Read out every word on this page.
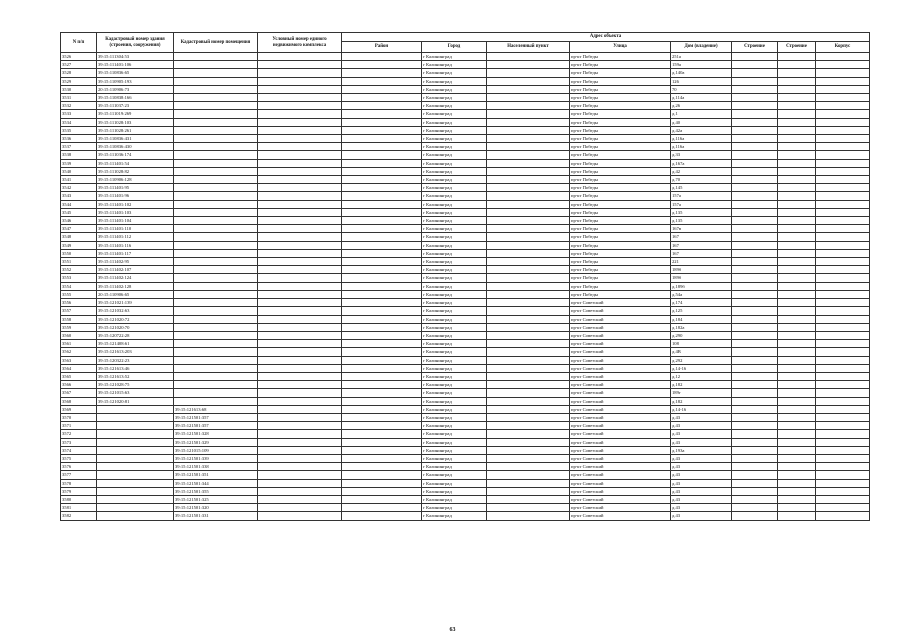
N п/п	Кадастровый номер здания (строения, сооружения)	Кадастровый номер помещения	Условный номер единого недвижимого комплекса	Адрес объекта							
				Район	Город	Населенный пункт	Улица	Дом (владение)	Строение	Строение	Корпус
3526	39:15:111304:53				г Калининград		пр-кт Победы	251а			
3527	39:15:111401:106				г Калининград		пр-кт Победы	159а			
3528	39:15:110836:65				г Калининград		пр-кт Победы	д.140а			
3529	39:15:110905:193				г Калининград		пр-кт Победы	126			
3530	20:15:110906:73				г Калининград		пр-кт Победы	70			
3531	39:15:110838:166				г Калининград		пр-кт Победы	д.114а			
3532	39:15:111037:23				г Калининград		пр-кт Победы	д.26			
3533	39:15:111019:269				г Калининград		пр-кт Победы	д.1			
3534	39:15:111028:103				г Калининград		пр-кт Победы	д.40			
3535	39:15:111028:261				г Калининград		пр-кт Победы	д.42а			
3536	39:15:110836:431				г Калининград		пр-кт Победы	д.116а			
3537	39:15:110836:430				г Калининград		пр-кт Победы	д.116а			
3538	39:15:111036:174				г Калининград		пр-кт Победы	д.33			
3539	39:15:111401:54				г Калининград		пр-кт Победы	д.167а			
3540	39:15:111028:82				г Калининград		пр-кт Победы	д.42			
3541	39:15:110906:128				г Калининград		пр-кт Победы	д.70			
3542	39:15:111401:95				г Калининград		пр-кт Победы	д.145			
3543	39:15:111401:96				г Калининград		пр-кт Победы	157а			
3544	39:15:111401:102				г Калининград		пр-кт Победы	157а			
3545	39:15:111401:103				г Калининград		пр-кт Победы	д.135			
3546	39:15:111401:104				г Калининград		пр-кт Победы	д.135			
3547	39:15:111401:110				г Калининград		пр-кт Победы	167в			
3548	39:15:111401:112				г Калининград		пр-кт Победы	167			
3549	39:15:111401:116				г Калининград		пр-кт Победы	167			
3550	39:15:111401:117				г Калининград		пр-кт Победы	167			
3551	39:15:111402:95				г Калининград		пр-кт Победы	221			
3552	39:15:111402:107				г Калининград		пр-кт Победы	189б			
3553	39:15:111402:124				г Калининград		пр-кт Победы	189б			
3554	39:15:111402:128				г Калининград		пр-кт Победы	д.189б			
3555	20:15:110906:65				г Калининград		пр-кт Победы	д.54а			
3556	39:15:121021:139				г Калининград		пр-кт Советский	д.174			
3557	39:15:121032:63				г Калининград		пр-кт Советский	д.125			
3558	39:15:121020:72				г Калининград		пр-кт Советский	д.184			
3559	39:15:121020:70				г Калининград		пр-кт Советский	д.182а			
3560	39:15:120722:28				г Калининград		пр-кт Советский	д.290			
3561	39:15:121408:61				г Калининград		пр-кт Советский	108			
3562	39:15:121613:203				г Калининград		пр-кт Советский	д.4В			
3563	39:15:120322:23				г Калининград		пр-кт Советский	д.292			
3564	39:15:121613:46				г Калининград		пр-кт Советский	д.14-16			
3565	39:15:121613:52				г Калининград		пр-кт Советский	д.12			
3566	39:15:121028:75				г Калининград		пр-кт Советский	д.182			
3567	39:15:121015:63				г Калининград		пр-кт Советский	189г			
3568	39:15:121020:81				г Калининград		пр-кт Советский	д.182			
3569		39:15:121613:68			г Калининград		пр-кт Советский	д.14-16			
3570		39:15:121501:357			г Калининград		пр-кт Советский	д.43			
3571		39:15:121501:357			г Калининград		пр-кт Советский	д.43			
3572		39:15:121501:328			г Калининград		пр-кт Советский	д.43			
3573		39:15:121501:329			г Калининград		пр-кт Советский	д.43			
3574		39:15:121015:109			г Калининград		пр-кт Советский	д.193а			
3575		39:15:121501:339			г Калининград		пр-кт Советский	д.43			
3576		39:15:121501:338			г Калининград		пр-кт Советский	д.43			
3577		39:15:121501:351			г Калининград		пр-кт Советский	д.43			
3578		39:15:121501:344			г Калининград		пр-кт Советский	д.43			
3579		39:15:121501:355			г Калининград		пр-кт Советский	д.43			
3580		39:15:121501:325			г Калининград		пр-кт Советский	д.43			
3581		39:15:121501:320			г Калининград		пр-кт Советский	д.43			
3582		39:15:121501:331			г Калининград		пр-кт Советский	д.43			
63
